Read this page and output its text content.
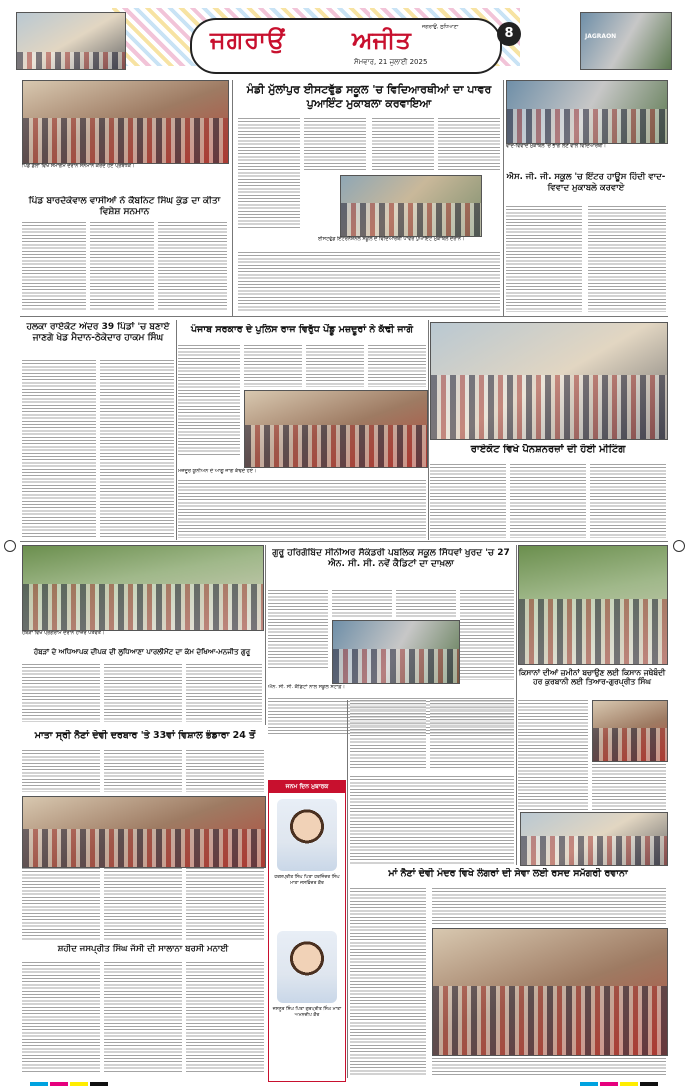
JAGRAON
ਜਗਰਾਉਂ	ਅਜੀਤ ਜਗਰਾਉਂ, ਲੁਧਿਆਣਾ
ਸੋਮਵਾਰ, 21 ਜੁਲਾਈ 2025
8
ਪਿੰਡ ਡੱਲਾ ਵਿਖੇ ਸਮਾਗਮ ਦੌਰਾਨ ਸਨਮਾਨ ਕਰਦੇ ਹੋਏ ਪ੍ਰਬੰਧਕ।
ਪਿੰਡ ਬਾਰਦੇਕੇਵਾਲ ਵਾਸੀਆਂ ਨੇ ਕੈਬਨਿਟ ਸਿੰਘ ਕੁੰਡ ਦਾ ਕੀਤਾ ਵਿਸ਼ੇਸ਼ ਸਨਮਾਨ
ਮੰਡੀ ਮੁੱਲਾਂਪੁਰ ਈਸਟਵੁੱਡ ਸਕੂਲ 'ਚ ਵਿਦਿਆਰਥੀਆਂ ਦਾ ਪਾਵਰ ਪੁਆਇੰਟ ਮੁਕਾਬਲਾ ਕਰਵਾਇਆ
ਈਸਟਵੁੱਡ ਇੰਟਰਨੈਸ਼ਨਲ ਸਕੂਲ ਦੇ ਵਿਦਿਆਰਥੀ ਪਾਵਰ ਪੁਆਇੰਟ ਮੁਕਾਬਲੇ ਦੌਰਾਨ।
ਵਾਦ-ਵਿਵਾਦ ਮੁਕਾਬਲੇ 'ਚ ਭਾਗ ਲੈਣ ਵਾਲੇ ਵਿਦਿਆਰਥੀ।
ਐਸ. ਜੀ. ਜੀ. ਸਕੂਲ 'ਚ ਇੰਟਰ ਹਾਊਸ ਹਿੰਦੀ ਵਾਦ-ਵਿਵਾਦ ਮੁਕਾਬਲੇ ਕਰਵਾਏ
ਹਲਕਾ ਰਾਏਕੋਟ ਅੰਦਰ 39 ਪਿੰਡਾਂ 'ਚ ਬਣਾਏ ਜਾਣਗੇ ਖੇਡ ਮੈਦਾਨ-ਠੇਕੇਦਾਰ ਹਾਕਮ ਸਿੰਘ
ਪੰਜਾਬ ਸਰਕਾਰ ਦੇ ਪੁਲਿਸ ਰਾਜ ਵਿਰੁੱਧ ਪੇਂਡੂ ਮਜ਼ਦੂਰਾਂ ਨੇ ਕੱਢੀ ਜਾਗੋ
ਮਜ਼ਦੂਰ ਯੂਨੀਅਨ ਦੇ ਆਗੂ ਜਾਗੋ ਕੱਢਦੇ ਹੋਏ।
ਰਾਏਕੋਟ ਵਿਖੇ ਪੈਨਸ਼ਨਰਜ਼ਾਂ ਦੀ ਹੋਈ ਮੀਟਿੰਗ
ਹੰਬੜਾਂ ਵਿਖੇ ਪ੍ਰੋਗਰਾਮ ਦੌਰਾਨ ਹਾਜ਼ਰ ਪਤਵੰਤੇ।
ਹੰਬੜਾਂ ਦੇ ਅਧਿਆਪਕ ਦੀਪਕ ਦੀ ਲੁਧਿਆਣਾ ਪਾਰਲੀਮੈਂਟ ਦਾ ਕੰਮ ਦੇਖਿਆ-ਮਨਜੀਤ ਗੁਰੂ
ਗੁਰੂ ਹਰਿਗੋਬਿੰਦ ਸੀਨੀਅਰ ਸੈਕੰਡਰੀ ਪਬਲਿਕ ਸਕੂਲ ਸਿੱਧਵਾਂ ਖੁਰਦ 'ਚ 27 ਐਨ. ਸੀ. ਸੀ. ਨਵੇਂ ਕੈਡਿਟਾਂ ਦਾ ਦਾਖ਼ਲਾ
ਐਨ. ਸੀ. ਸੀ. ਕੈਡਿਟਾਂ ਨਾਲ ਸਕੂਲ ਸਟਾਫ਼।
ਕਿਸਾਨਾਂ ਦੀਆਂ ਜ਼ਮੀਨਾਂ ਬਚਾਉਣ ਲਈ ਕਿਸਾਨ ਜਥੇਬੰਦੀ ਹਰ ਕੁਰਬਾਨੀ ਲਈ ਤਿਆਰ-ਗੁਰਪ੍ਰੀਤ ਸਿੰਘ
ਮਾਤਾ ਸ੍ਰੀ ਨੈਣਾਂ ਦੇਵੀ ਦਰਬਾਰ 'ਤੇ 33ਵਾਂ ਵਿਸ਼ਾਲ ਭੰਡਾਰਾ 24 ਤੋਂ
ਸ਼ਹੀਦ ਜਸਪ੍ਰੀਤ ਸਿੰਘ ਜੱਸੀ ਦੀ ਸਾਲਾਨਾ ਬਰਸੀ ਮਨਾਈ
ਜਨਮ ਦਿਨ ਮੁਬਾਰਕ
ਹਰਸ਼ਪ੍ਰੀਤ ਸਿੰਘ ਪਿਤਾ ਹਰਜਿੰਦਰ ਸਿੰਘ ਮਾਤਾ ਜਸਵਿੰਦਰ ਕੌਰ
ਜਸਨੂਰ ਸਿੰਘ ਪਿਤਾ ਗੁਰਪ੍ਰੀਤ ਸਿੰਘ ਮਾਤਾ ਅਮਨਦੀਪ ਕੌਰ
ਮਾਂ ਨੈਣਾਂ ਦੇਵੀ ਮੰਦਰ ਵਿਖੇ ਲੰਗਰਾਂ ਦੀ ਸੇਵਾ ਲਈ ਰਸਦ ਸਮੱਗਰੀ ਰਵਾਨਾ
